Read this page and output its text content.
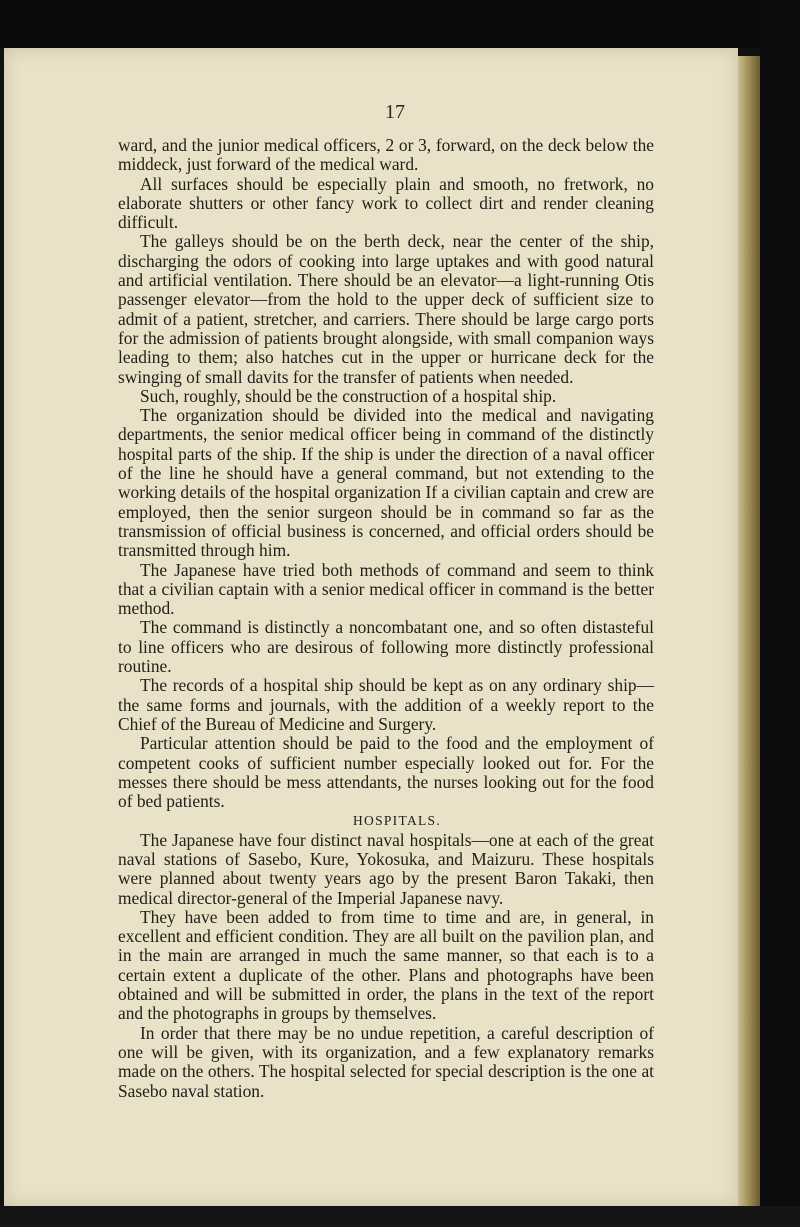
17

ward, and the junior medical officers, 2 or 3, forward, on the deck below the middeck, just forward of the medical ward.

All surfaces should be especially plain and smooth, no fretwork, no elaborate shutters or other fancy work to collect dirt and render cleaning difficult.

The galleys should be on the berth deck, near the center of the ship, discharging the odors of cooking into large uptakes and with good natural and artificial ventilation. There should be an elevator—a light-running Otis passenger elevator—from the hold to the upper deck of sufficient size to admit of a patient, stretcher, and carriers. There should be large cargo ports for the admission of patients brought alongside, with small companion ways leading to them; also hatches cut in the upper or hurricane deck for the swinging of small davits for the transfer of patients when needed.

Such, roughly, should be the construction of a hospital ship.

The organization should be divided into the medical and navigating departments, the senior medical officer being in command of the distinctly hospital parts of the ship. If the ship is under the direction of a naval officer of the line he should have a general command, but not extending to the working details of the hospital organization If a civilian captain and crew are employed, then the senior surgeon should be in command so far as the transmission of official business is concerned, and official orders should be transmitted through him.

The Japanese have tried both methods of command and seem to think that a civilian captain with a senior medical officer in command is the better method.

The command is distinctly a noncombatant one, and so often distasteful to line officers who are desirous of following more distinctly professional routine.

The records of a hospital ship should be kept as on any ordinary ship—the same forms and journals, with the addition of a weekly report to the Chief of the Bureau of Medicine and Surgery.

Particular attention should be paid to the food and the employment of competent cooks of sufficient number especially looked out for. For the messes there should be mess attendants, the nurses looking out for the food of bed patients.

HOSPITALS.

The Japanese have four distinct naval hospitals—one at each of the great naval stations of Sasebo, Kure, Yokosuka, and Maizuru. These hospitals were planned about twenty years ago by the present Baron Takaki, then medical director-general of the Imperial Japanese navy.

They have been added to from time to time and are, in general, in excellent and efficient condition. They are all built on the pavilion plan, and in the main are arranged in much the same manner, so that each is to a certain extent a duplicate of the other. Plans and photographs have been obtained and will be submitted in order, the plans in the text of the report and the photographs in groups by themselves.

In order that there may be no undue repetition, a careful description of one will be given, with its organization, and a few explanatory remarks made on the others. The hospital selected for special description is the one at Sasebo naval station.
